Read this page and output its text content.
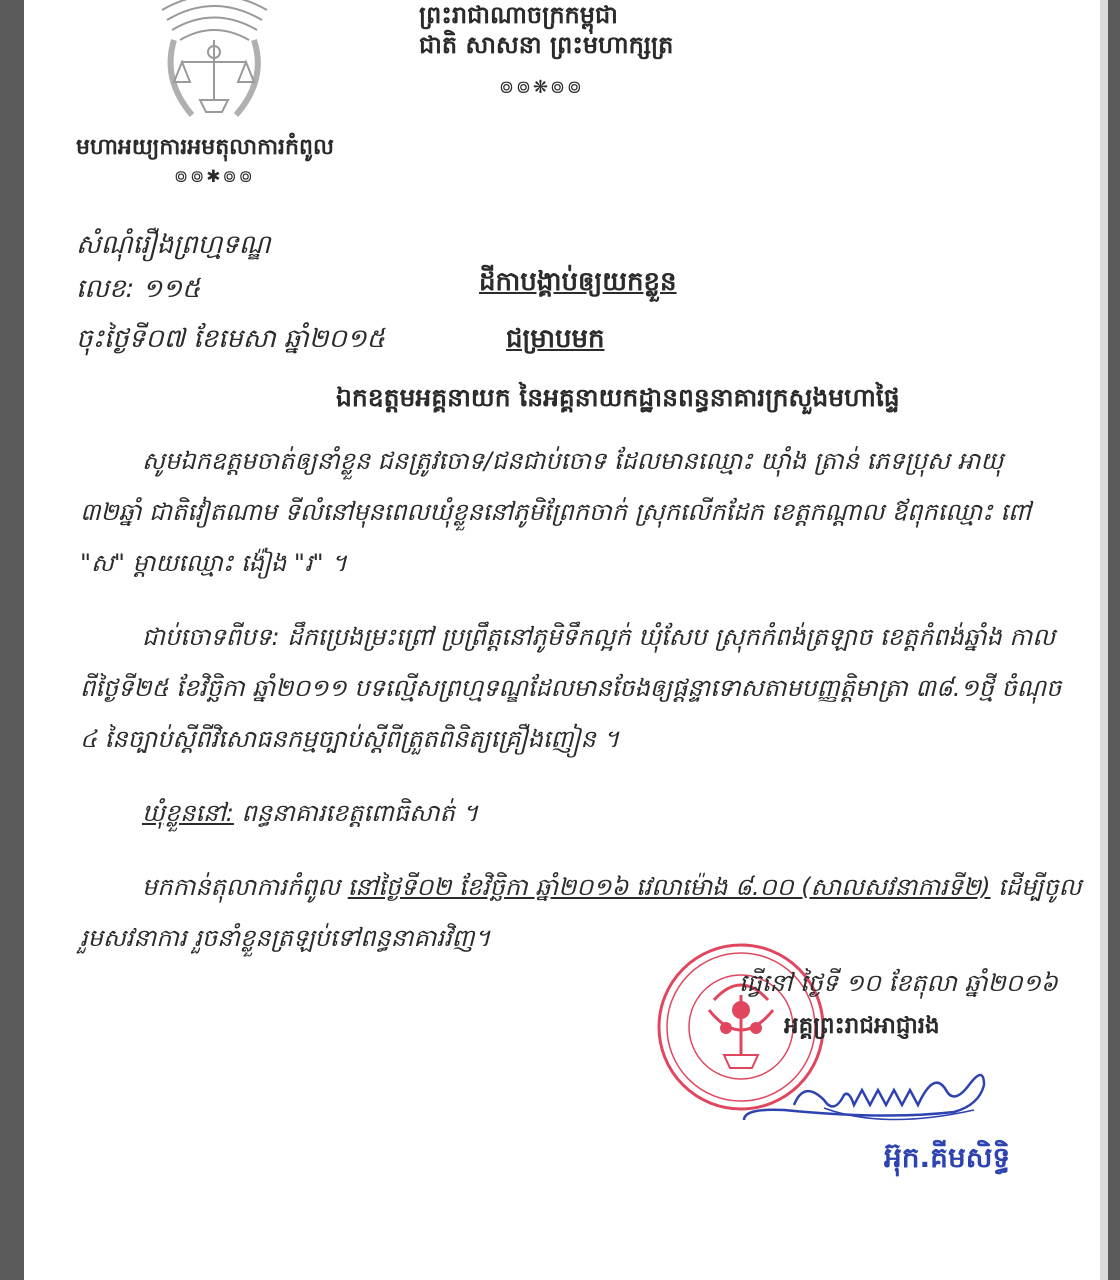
ព្រះរាជាណាចក្រកម្ពុជា
ជាតិ សាសនា ព្រះមហាក្សត្រ
៙៙❋៙៙
មហាអយ្យការអមតុលាការកំពូល
៙៙✱៙៙
សំណុំរឿងព្រហ្មទណ្ឌ
លេខ: ១១៥
ចុះថ្ងៃទី០៧ ខែមេសា ឆ្នាំ២០១៥
ដីកាបង្គាប់ឲ្យយកខ្លួន
ជម្រាបមក
ឯកឧត្តមអគ្គនាយក នៃអគ្គនាយកដ្ឋានពន្ធនាគារក្រសួងមហាផ្ទៃ
សូមឯកឧត្តមចាត់ឲ្យនាំខ្លួន ជនត្រូវចោទ/ជនជាប់ចោទ ដែលមានឈ្មោះ យ៉ាំង ត្រាន់ ភេទប្រុស អាយុ
៣២ឆ្នាំ ជាតិវៀតណាម ទីលំនៅមុនពេលឃុំខ្លួននៅភូមិព្រែកចាក់ ស្រុកលើកដែក ខេត្តកណ្ដាល ឪពុកឈ្មោះ ពៅ
"ស" ម្ដាយឈ្មោះ ង៉ៀង "រ" ។
ជាប់ចោទពីបទ: ដឹកប្រេងម្រះព្រៅ ប្រព្រឹត្តនៅភូមិទឹកល្អក់ ឃុំសែប ស្រុកកំពង់ត្រឡាច ខេត្តកំពង់ឆ្នាំង កាល
ពីថ្ងៃទី២៥ ខែវិច្ឆិកា ឆ្នាំ២០១១ បទល្មើសព្រហ្មទណ្ឌដែលមានចែងឲ្យផ្ដន្ទាទោសតាមបញ្ញត្តិមាត្រា ៣៨.១ថ្មី ចំណុច
៤ នៃច្បាប់ស្ដីពីវិសោធនកម្មច្បាប់ស្ដីពីត្រួតពិនិត្យគ្រឿងញៀន ។
ឃុំខ្លួននៅ: ពន្ធនាគារខេត្តពោធិសាត់ ។
មកកាន់តុលាការកំពូល នៅថ្ងៃទី០២ ខែវិច្ឆិកា ឆ្នាំ២០១៦ វេលាម៉ោង ៨.០០ (សាលសវនាការទី២) ដើម្បីចូល
រួមសវនាការ រួចនាំខ្លួនត្រឡប់ទៅពន្ធនាគារវិញ។
ធ្វើនៅ ថ្ងៃទី ១០ ខែតុលា ឆ្នាំ២០១៦
អគ្គព្រះរាជអាជ្ញារង
អ៊ុក.គីមសិទ្ធិ
